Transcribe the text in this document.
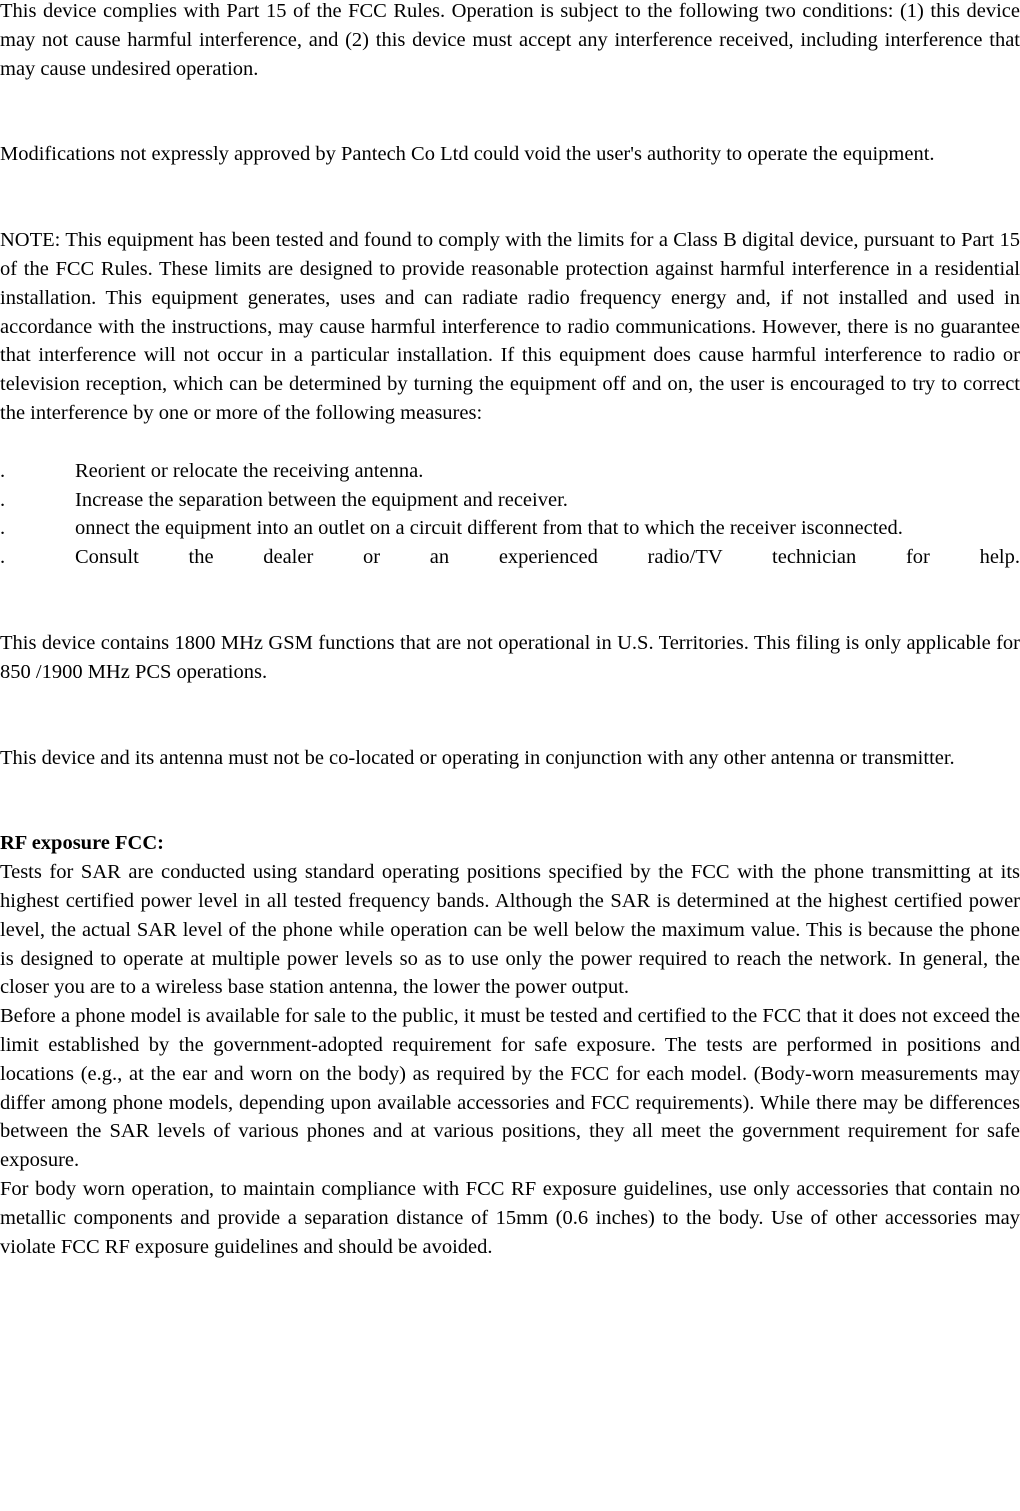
This device complies with Part 15 of the FCC Rules. Operation is subject to the following two conditions: (1) this device may not cause harmful interference, and (2) this device must accept any interference received, including interference that may cause undesired operation.

Modifications not expressly approved by Pantech Co Ltd could void the user's authority to operate the equipment.

NOTE: This equipment has been tested and found to comply with the limits for a Class B digital device, pursuant to Part 15 of the FCC Rules. These limits are designed to provide reasonable protection against harmful interference in a residential installation. This equipment generates, uses and can radiate radio frequency energy and, if not installed and used in accordance with the instructions, may cause harmful interference to radio communications. However, there is no guarantee that interference will not occur in a particular installation. If this equipment does cause harmful interference to radio or television reception, which can be determined by turning the equipment off and on, the user is encouraged to try to correct the interference by one or more of the following measures:

.	Reorient or relocate the receiving antenna.
.	Increase the separation between the equipment and receiver.
.	onnect the equipment into an outlet on a circuit different from that to which the receiver isconnected.
.	Consult the dealer or an experienced radio/TV technician for help.

This device contains 1800 MHz GSM functions that are not operational in U.S. Territories. This filing is only applicable for 850 /1900 MHz PCS operations.

This device and its antenna must not be co-located or operating in conjunction with any other antenna or transmitter.

RF exposure FCC:

Tests for SAR are conducted using standard operating positions specified by the FCC with the phone transmitting at its highest certified power level in all tested frequency bands. Although the SAR is determined at the highest certified power level, the actual SAR level of the phone while operation can be well below the maximum value. This is because the phone is designed to operate at multiple power levels so as to use only the power required to reach the network. In general, the closer you are to a wireless base station antenna, the lower the power output.

Before a phone model is available for sale to the public, it must be tested and certified to the FCC that it does not exceed the limit established by the government-adopted requirement for safe exposure. The tests are performed in positions and locations (e.g., at the ear and worn on the body) as required by the FCC for each model. (Body-worn measurements may differ among phone models, depending upon available accessories and FCC requirements). While there may be differences between the SAR levels of various phones and at various positions, they all meet the government requirement for safe exposure.

For body worn operation, to maintain compliance with FCC RF exposure guidelines, use only accessories that contain no metallic components and provide a separation distance of 15mm (0.6 inches) to the body. Use of other accessories may violate FCC RF exposure guidelines and should be avoided.
